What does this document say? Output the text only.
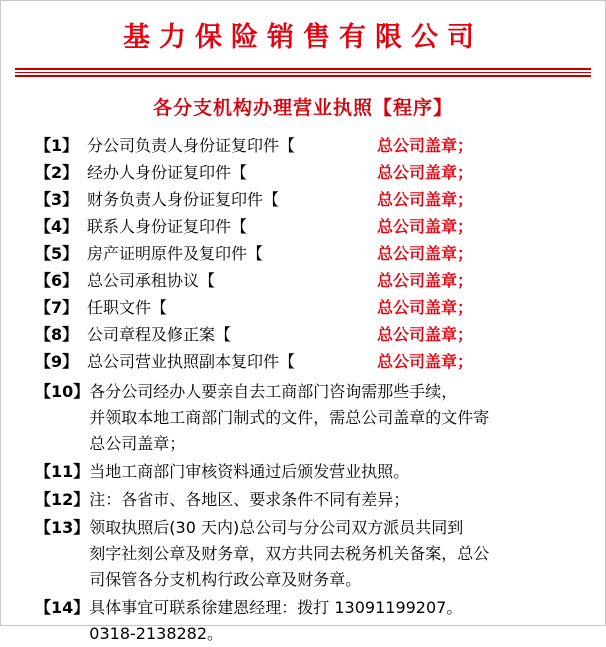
基力保险销售有限公司
各分支机构办理营业执照【程序】
【1】 分公司负责人身份证复印件【	总公司盖章；
【2】 经办人身份证复印件【	总公司盖章；
【3】 财务负责人身份证复印件【	总公司盖章；
【4】 联系人身份证复印件【	总公司盖章；
【5】 房产证明原件及复印件【	总公司盖章；
【6】 总公司承租协议【	总公司盖章；
【7】 任职文件【	总公司盖章；
【8】 公司章程及修正案【	总公司盖章；
【9】 总公司营业执照副本复印件【	总公司盖章；
【10】 各分公司经办人要亲自去工商部门咨询需那些手续，
并领取本地工商部门制式的文件，需总公司盖章的文件寄
总公司盖章；
【11】 当地工商部门审核资料通过后颁发营业执照。
【12】 注：各省市、各地区、要求条件不同有差异；
【13】 领取执照后(30 天内)总公司与分公司双方派员共同到
刻字社刻公章及财务章，双方共同去税务机关备案，总公
司保管各分支机构行政公章及财务章。
【14】 具体事宜可联系徐建恩经理：拨打 13091199207。
0318-2138282。
